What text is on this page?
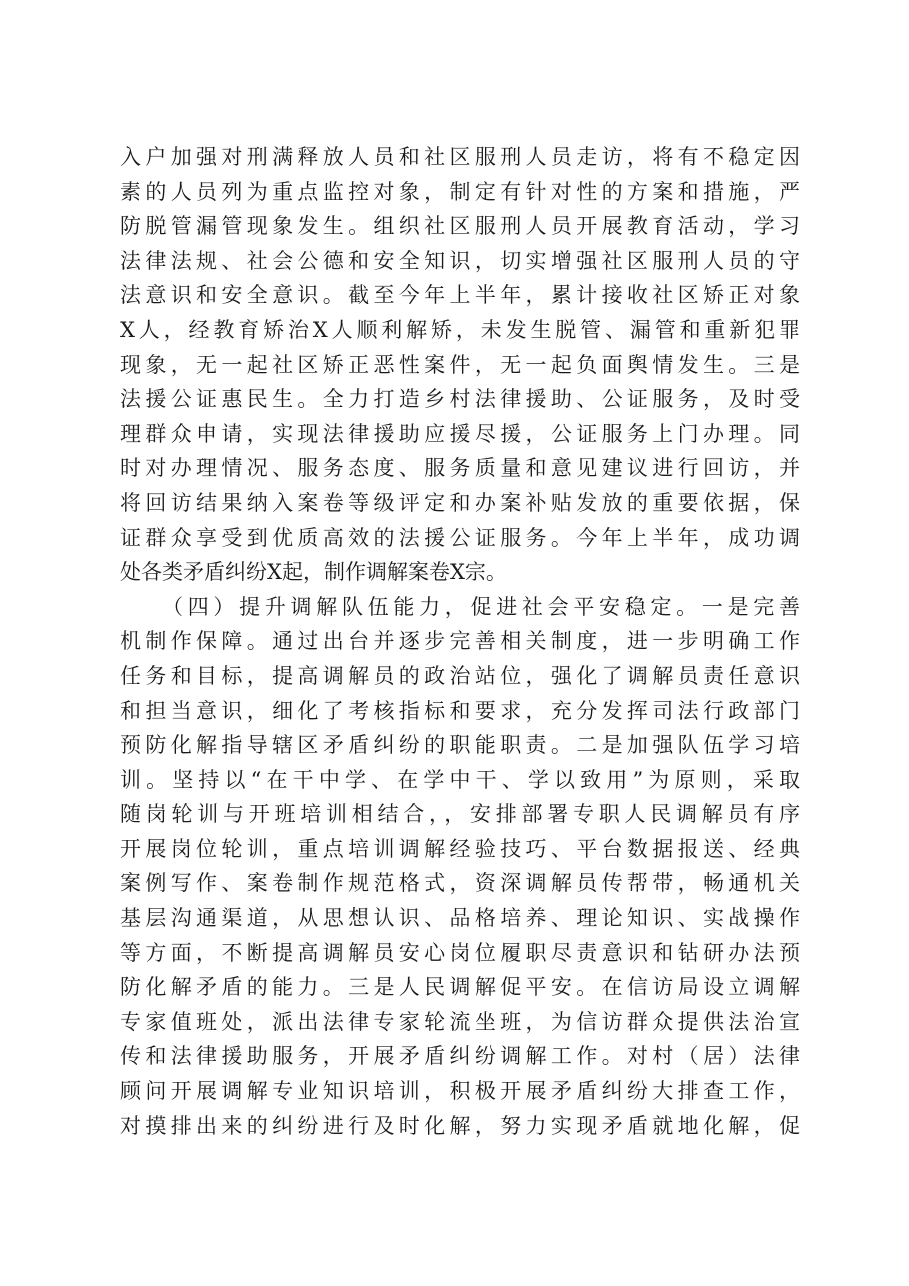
入户加强对刑满释放人员和社区服刑人员走访，将有不稳定因
素的人员列为重点监控对象，制定有针对性的方案和措施，严
防脱管漏管现象发生。组织社区服刑人员开展教育活动，学习
法律法规、社会公德和安全知识，切实增强社区服刑人员的守
法意识和安全意识。截至今年上半年，累计接收社区矫正对象
X人，经教育矫治X人顺利解矫，未发生脱管、漏管和重新犯罪
现象，无一起社区矫正恶性案件，无一起负面舆情发生。三是
法援公证惠民生。全力打造乡村法律援助、公证服务，及时受
理群众申请，实现法律援助应援尽援，公证服务上门办理。同
时对办理情况、服务态度、服务质量和意见建议进行回访，并
将回访结果纳入案卷等级评定和办案补贴发放的重要依据，保
证群众享受到优质高效的法援公证服务。今年上半年，成功调
处各类矛盾纠纷X起，制作调解案卷X宗。
（四）提升调解队伍能力，促进社会平安稳定。一是完善
机制作保障。通过出台并逐步完善相关制度，进一步明确工作
任务和目标，提高调解员的政治站位，强化了调解员责任意识
和担当意识，细化了考核指标和要求，充分发挥司法行政部门
预防化解指导辖区矛盾纠纷的职能职责。二是加强队伍学习培
训。坚持以“在干中学、在学中干、学以致用”为原则，采取
随岗轮训与开班培训相结合，，安排部署专职人民调解员有序
开展岗位轮训，重点培训调解经验技巧、平台数据报送、经典
案例写作、案卷制作规范格式，资深调解员传帮带，畅通机关
基层沟通渠道，从思想认识、品格培养、理论知识、实战操作
等方面，不断提高调解员安心岗位履职尽责意识和钻研办法预
防化解矛盾的能力。三是人民调解促平安。在信访局设立调解
专家值班处，派出法律专家轮流坐班，为信访群众提供法治宣
传和法律援助服务，开展矛盾纠纷调解工作。对村（居）法律
顾问开展调解专业知识培训，积极开展矛盾纠纷大排查工作，
对摸排出来的纠纷进行及时化解，努力实现矛盾就地化解，促
